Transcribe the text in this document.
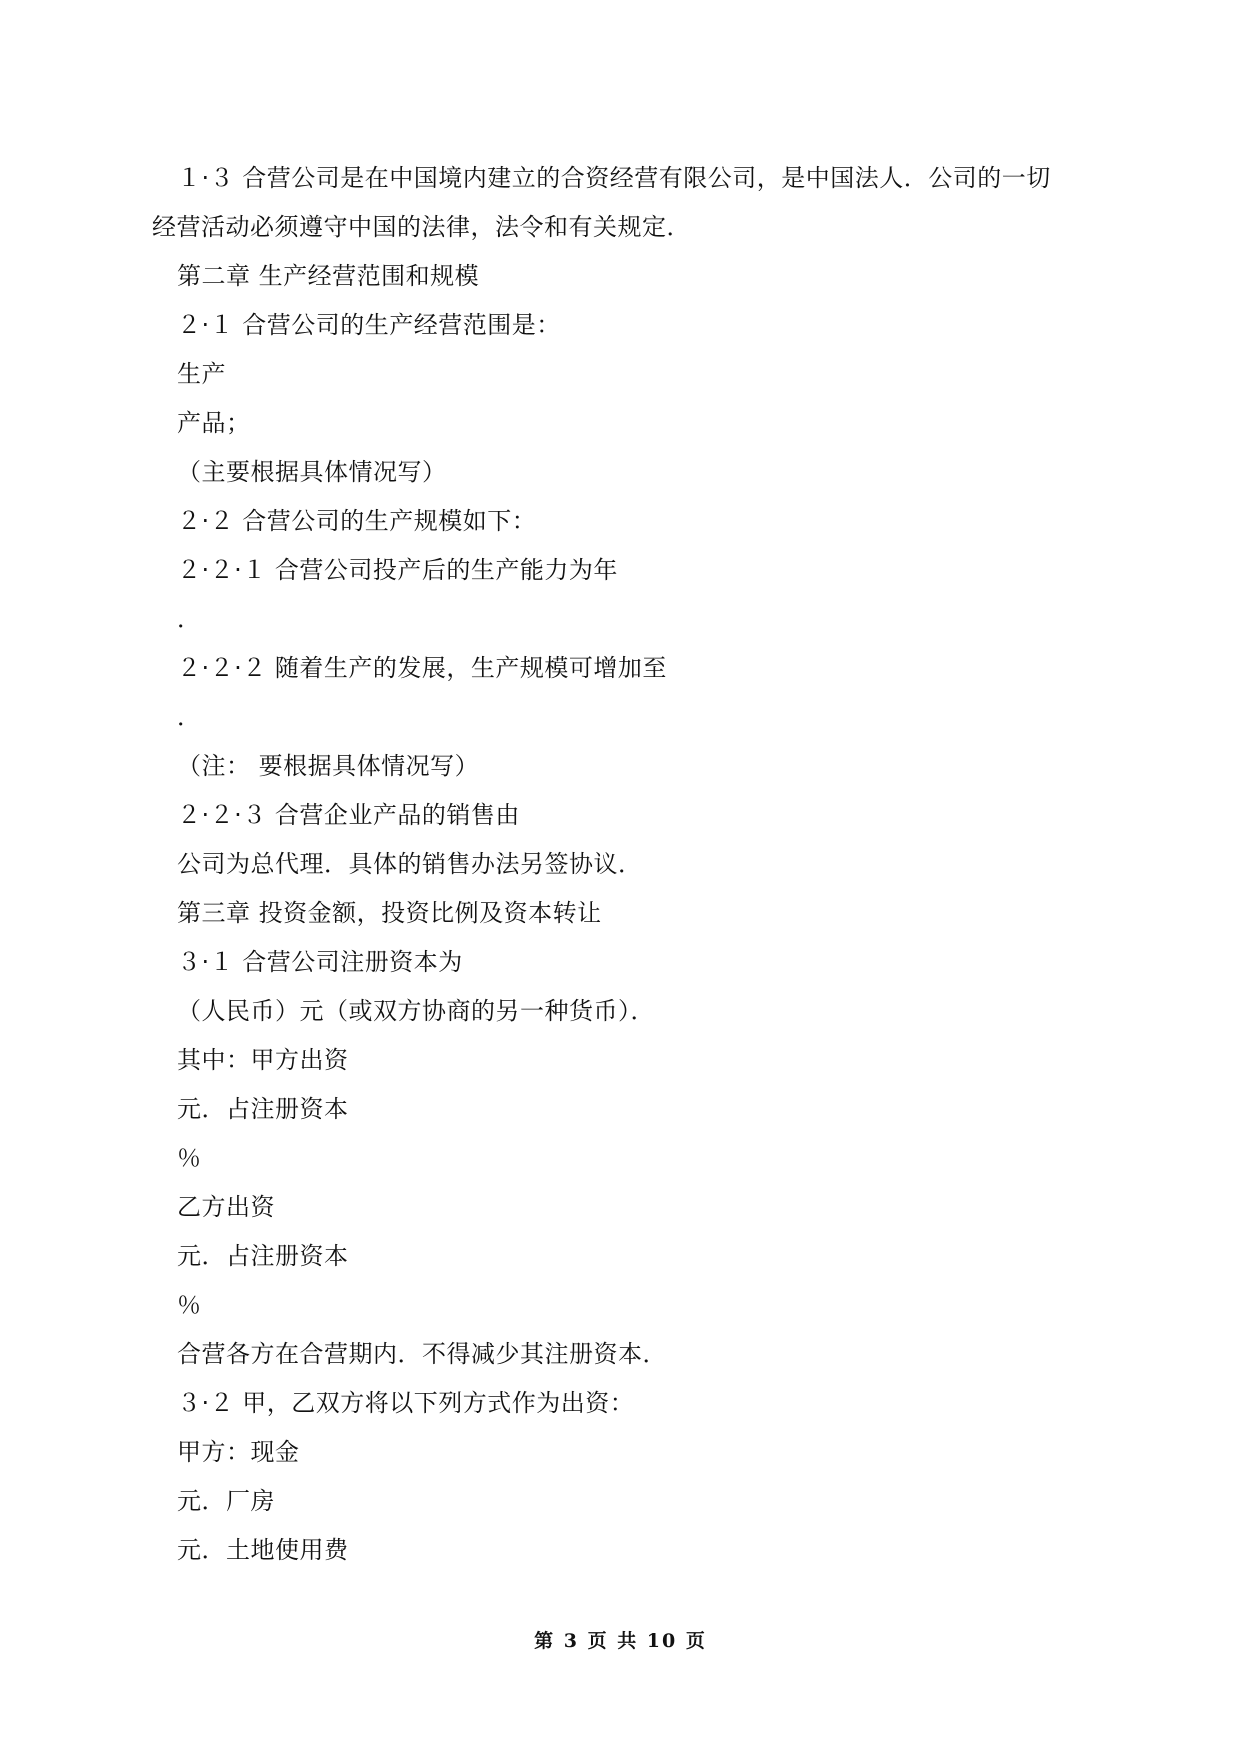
１·３ 合营公司是在中国境内建立的合资经营有限公司，是中国法人．公司的一切
经营活动必须遵守中国的法律，法令和有关规定．
第二章 生产经营范围和规模
２·１ 合营公司的生产经营范围是：
生产
产品；
（主要根据具体情况写）
２·２ 合营公司的生产规模如下：
２·２·１ 合营公司投产后的生产能力为年
．
２·２·２ 随着生产的发展，生产规模可增加至
．
（注： 要根据具体情况写）
２·２·３ 合营企业产品的销售由
公司为总代理．具体的销售办法另签协议．
第三章 投资金额，投资比例及资本转让
３·１ 合营公司注册资本为
（人民币）元（或双方协商的另一种货币）．
其中：甲方出资
元．占注册资本
％
乙方出资
元．占注册资本
％
合营各方在合营期内．不得减少其注册资本．
３·２ 甲，乙双方将以下列方式作为出资：
甲方：现金
元．厂房
元．土地使用费
第 3 页 共 10 页
